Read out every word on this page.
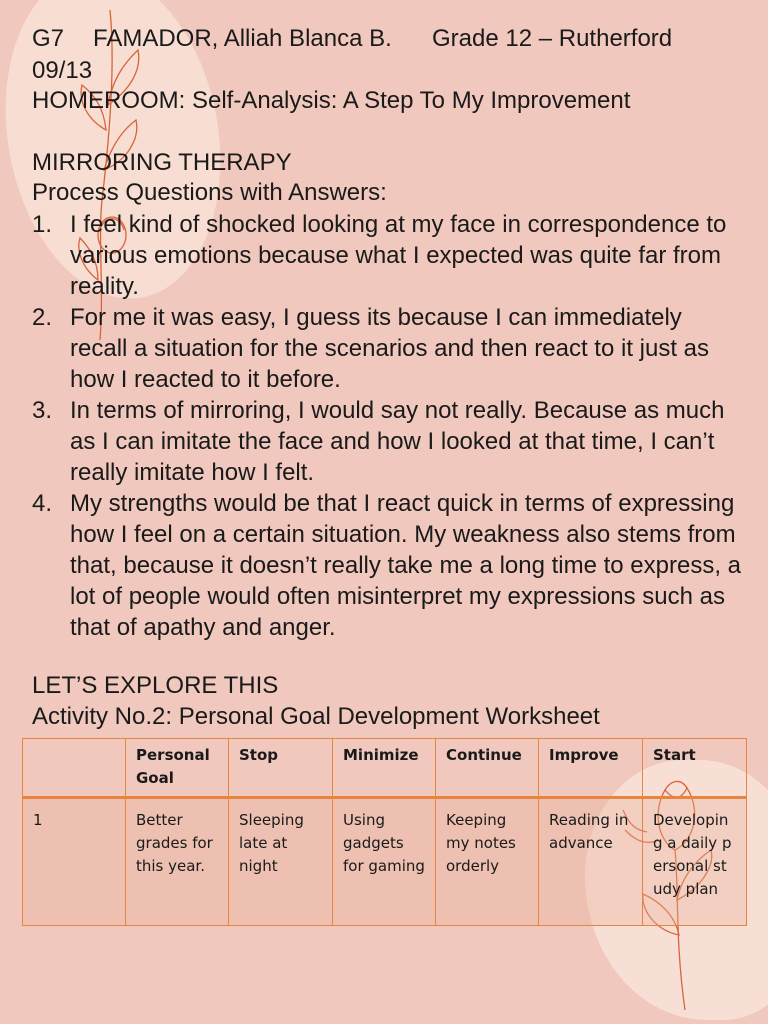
G7 FAMADOR, Alliah Blanca B. Grade 12 – Rutherford
09/13
HOMEROOM: Self-Analysis: A Step To My Improvement
MIRRORING THERAPY
Process Questions with Answers:
1. I feel kind of shocked looking at my face in correspondence to various emotions because what I expected was quite far from reality.
2. For me it was easy, I guess its because I can immediately recall a situation for the scenarios and then react to it just as how I reacted to it before.
3. In terms of mirroring, I would say not really. Because as much as I can imitate the face and how I looked at that time, I can’t really imitate how I felt.
4. My strengths would be that I react quick in terms of expressing how I feel on a certain situation. My weakness also stems from that, because it doesn’t really take me a long time to express, a lot of people would often misinterpret my expressions such as that of apathy and anger.
LET’S EXPLORE THIS
Activity No.2: Personal Goal Development Worksheet
	Personal Goal	Stop	Minimize	Continue	Improve	Start
1	Better grades for this year.	Sleeping late at night	Using gadgets for gaming	Keeping my notes orderly	Reading in advance	Developing a daily personal study plan
